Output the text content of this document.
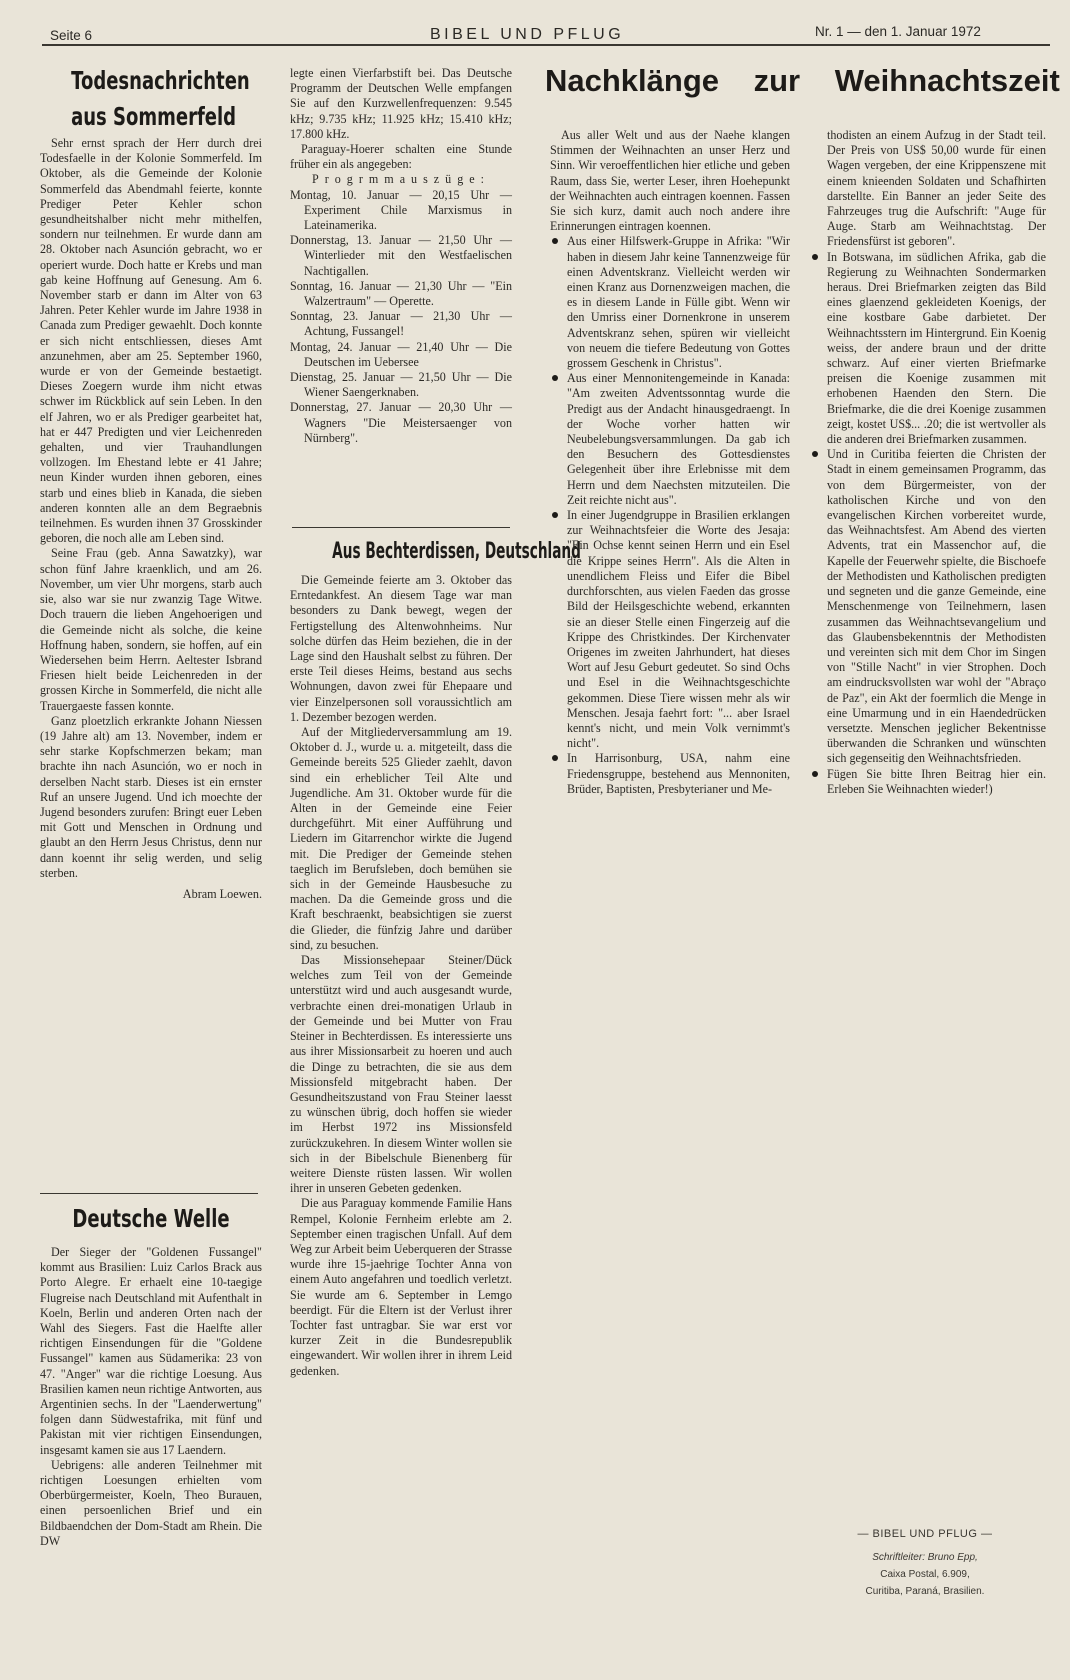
Seite 6	BIBEL UND PFLUG	Nr. 1 — den 1. Januar 1972
Todesnachrichten
aus Sommerfeld

Sehr ernst sprach der Herr durch drei Todesfaelle in der Kolonie Sommerfeld. Im Oktober, als die Gemeinde der Kolonie Sommerfeld das Abendmahl feierte, konnte Prediger Peter Kehler schon gesundheitshalber nicht mehr mithelfen, sondern nur teilnehmen. Er wurde dann am 28. Oktober nach Asunción gebracht, wo er operiert wurde. Doch hatte er Krebs und man gab keine Hoffnung auf Genesung. Am 6. November starb er dann im Alter von 63 Jahren. Peter Kehler wurde im Jahre 1938 in Canada zum Prediger gewaehlt. Doch konnte er sich nicht entschliessen, dieses Amt anzunehmen, aber am 25. September 1960, wurde er von der Gemeinde bestaetigt. Dieses Zoegern wurde ihm nicht etwas schwer im Rückblick auf sein Leben. In den elf Jahren, wo er als Prediger gearbeitet hat, hat er 447 Predigten und vier Leichenreden gehalten, und vier Trauhandlungen vollzogen. Im Ehestand lebte er 41 Jahre; neun Kinder wurden ihnen geboren, eines starb und eines blieb in Kanada, die sieben anderen konnten alle an dem Begraebnis teilnehmen. Es wurden ihnen 37 Grosskinder geboren, die noch alle am Leben sind.

Seine Frau (geb. Anna Sawatzky), war schon fünf Jahre kraenklich, und am 26. November, um vier Uhr morgens, starb auch sie, also war sie nur zwanzig Tage Witwe. Doch trauern die lieben Angehoerigen und die Gemeinde nicht als solche, die keine Hoffnung haben, sondern, sie hoffen, auf ein Wiedersehen beim Herrn. Aeltester Isbrand Friesen hielt beide Leichenreden in der grossen Kirche in Sommerfeld, die nicht alle Trauergaeste fassen konnte.

Ganz ploetzlich erkrankte Johann Niessen (19 Jahre alt) am 13. November, indem er sehr starke Kopfschmerzen bekam; man brachte ihn nach Asunción, wo er noch in derselben Nacht starb. Dieses ist ein ernster Ruf an unsere Jugend. Und ich moechte der Jugend besonders zurufen: Bringt euer Leben mit Gott und Menschen in Ordnung und glaubt an den Herrn Jesus Christus, denn nur dann koennt ihr selig werden, und selig sterben.

Abram Loewen.

Deutsche Welle

Der Sieger der "Goldenen Fussangel" kommt aus Brasilien: Luiz Carlos Brack aus Porto Alegre. Er erhaelt eine 10-taegige Flugreise nach Deutschland mit Aufenthalt in Koeln, Berlin und anderen Orten nach der Wahl des Siegers. Fast die Haelfte aller richtigen Einsendungen für die "Goldene Fussangel" kamen aus Südamerika: 23 von 47. "Anger" war die richtige Loesung. Aus Brasilien kamen neun richtige Antworten, aus Argentinien sechs. In der "Laenderwertung" folgen dann Südwestafrika, mit fünf und Pakistan mit vier richtigen Einsendungen, insgesamt kamen sie aus 17 Laendern.

Uebrigens: alle anderen Teilnehmer mit richtigen Loesungen erhielten vom Oberbürgermeister, Koeln, Theo Burauen, einen persoenlichen Brief und ein Bildbaendchen der Dom-Stadt am Rhein. Die DW

legte einen Vierfarbstift bei. Das Deutsche Programm der Deutschen Welle empfangen Sie auf den Kurzwellenfrequenzen: 9.545 kHz; 9.735 kHz; 11.925 kHz; 15.410 kHz; 17.800 kHz.

Paraguay-Hoerer schalten eine Stunde früher ein als angegeben:

Progrmmauszüge:

Montag, 10. Januar — 20,15 Uhr — Experiment Chile Marxismus in Lateinamerika.
Donnerstag, 13. Januar — 21,50 Uhr — Winterlieder mit den Westfaelischen Nachtigallen.
Sonntag, 16. Januar — 21,30 Uhr — "Ein Walzertraum" — Operette.
Sonntag, 23. Januar — 21,30 Uhr — Achtung, Fussangel!
Montag, 24. Januar — 21,40 Uhr — Die Deutschen im Uebersee
Dienstag, 25. Januar — 21,50 Uhr — Die Wiener Saengerknaben.
Donnerstag, 27. Januar — 20,30 Uhr — Wagners "Die Meistersaenger von Nürnberg".
Aus Bechterdissen, Deutschland

Die Gemeinde feierte am 3. Oktober das Erntedankfest. An diesem Tage war man besonders zu Dank bewegt, wegen der Fertigstellung des Altenwohnheims. Nur solche dürfen das Heim beziehen, die in der Lage sind den Haushalt selbst zu führen. Der erste Teil dieses Heims, bestand aus sechs Wohnungen, davon zwei für Ehepaare und vier Einzelpersonen soll voraussichtlich am 1. Dezember bezogen werden.

Auf der Mitgliederversammlung am 19. Oktober d. J., wurde u. a. mitgeteilt, dass die Gemeinde bereits 525 Glieder zaehlt, davon sind ein erheblicher Teil Alte und Jugendliche. Am 31. Oktober wurde für die Alten in der Gemeinde eine Feier durchgeführt. Mit einer Aufführung und Liedern im Gitarrenchor wirkte die Jugend mit. Die Prediger der Gemeinde stehen taeglich im Berufsleben, doch bemühen sie sich in der Gemeinde Hausbesuche zu machen. Da die Gemeinde gross und die Kraft beschraenkt, beabsichtigen sie zuerst die Glieder, die fünfzig Jahre und darüber sind, zu besuchen.

Das Missionsehepaar Steiner/Dück welches zum Teil von der Gemeinde unterstützt wird und auch ausgesandt wurde, verbrachte einen drei-monatigen Urlaub in der Gemeinde und bei Mutter von Frau Steiner in Bechterdissen. Es interessierte uns aus ihrer Missionsarbeit zu hoeren und auch die Dinge zu betrachten, die sie aus dem Missionsfeld mitgebracht haben. Der Gesundheitszustand von Frau Steiner laesst zu wünschen übrig, doch hoffen sie wieder im Herbst 1972 ins Missionsfeld zurückzukehren. In diesem Winter wollen sie sich in der Bibelschule Bienenberg für weitere Dienste rüsten lassen. Wir wollen ihrer in unseren Gebeten gedenken.

Die aus Paraguay kommende Familie Hans Rempel, Kolonie Fernheim erlebte am 2. September einen tragischen Unfall. Auf dem Weg zur Arbeit beim Ueberqueren der Strasse wurde ihre 15-jaehrige Tochter Anna von einem Auto angefahren und toedlich verletzt. Sie wurde am 6. September in Lemgo beerdigt. Für die Eltern ist der Verlust ihrer Tochter fast untragbar. Sie war erst vor kurzer Zeit in die Bundesrepublik eingewandert. Wir wollen ihrer in ihrem Leid gedenken.

Nachklänge zur Weihnachtszeit

Aus aller Welt und aus der Naehe klangen Stimmen der Weihnachten an unser Herz und Sinn. Wir veroeffentlichen hier etliche und geben Raum, dass Sie, werter Leser, ihren Hoehepunkt der Weihnachten auch eintragen koennen. Fassen Sie sich kurz, damit auch noch andere ihre Erinnerungen eintragen koennen.

Aus einer Hilfswerk-Gruppe in Afrika: "Wir haben in diesem Jahr keine Tannenzweige für einen Adventskranz. Vielleicht werden wir einen Kranz aus Dornenzweigen machen, die es in diesem Lande in Fülle gibt. Wenn wir den Umriss einer Dornenkrone in unserem Adventskranz sehen, spüren wir vielleicht von neuem die tiefere Bedeutung von Gottes grossem Geschenk in Christus".
Aus einer Mennonitengemeinde in Kanada: "Am zweiten Adventssonntag wurde die Predigt aus der Andacht hinausgedraengt. In der Woche vorher hatten wir Neubelebungsversammlungen. Da gab ich den Besuchern des Gottesdienstes Gelegenheit über ihre Erlebnisse mit dem Herrn und dem Naechsten mitzuteilen. Die Zeit reichte nicht aus".
In einer Jugendgruppe in Brasilien erklangen zur Weihnachtsfeier die Worte des Jesaja: "Ein Ochse kennt seinen Herrn und ein Esel die Krippe seines Herrn". Als die Alten in unendlichem Fleiss und Eifer die Bibel durchforschten, aus vielen Faeden das grosse Bild der Heilsgeschichte webend, erkannten sie an dieser Stelle einen Fingerzeig auf die Krippe des Christkindes. Der Kirchenvater Origenes im zweiten Jahrhundert, hat dieses Wort auf Jesu Geburt gedeutet. So sind Ochs und Esel in die Weihnachtsgeschichte gekommen. Diese Tiere wissen mehr als wir Menschen. Jesaja faehrt fort: "... aber Israel kennt's nicht, und mein Volk vernimmt's nicht".
In Harrisonburg, USA, nahm eine Friedensgruppe, bestehend aus Mennoniten, Brüder, Baptisten, Presbyterianer und Me-
thodisten an einem Aufzug in der Stadt teil. Der Preis von US$ 50,00 wurde für einen Wagen vergeben, der eine Krippenszene mit einem knieenden Soldaten und Schafhirten darstellte. Ein Banner an jeder Seite des Fahrzeuges trug die Aufschrift: "Auge für Auge. Starb am Weihnachtstag. Der Friedensfürst ist geboren".
In Botswana, im südlichen Afrika, gab die Regierung zu Weihnachten Sondermarken heraus. Drei Briefmarken zeigten das Bild eines glaenzend gekleideten Koenigs, der eine kostbare Gabe darbietet. Der Weihnachtsstern im Hintergrund. Ein Koenig weiss, der andere braun und der dritte schwarz. Auf einer vierten Briefmarke preisen die Koenige zusammen mit erhobenen Haenden den Stern. Die Briefmarke, die die drei Koenige zusammen zeigt, kostet US$... .20; die ist wertvoller als die anderen drei Briefmarken zusammen.
Und in Curitiba feierten die Christen der Stadt in einem gemeinsamen Programm, das von dem Bürgermeister, von der katholischen Kirche und von den evangelischen Kirchen vorbereitet wurde, das Weihnachtsfest. Am Abend des vierten Advents, trat ein Massenchor auf, die Kapelle der Feuerwehr spielte, die Bischoefe der Methodisten und Katholischen predigten und segneten und die ganze Gemeinde, eine Menschenmenge von Teilnehmern, lasen zusammen das Weihnachtsevangelium und das Glaubensbekenntnis der Methodisten und vereinten sich mit dem Chor im Singen von "Stille Nacht" in vier Strophen. Doch am eindrucksvollsten war wohl der "Abraço de Paz", ein Akt der foermlich die Menge in eine Umarmung und in ein Haendedrücken versetzte. Menschen jeglicher Bekentnisse überwanden die Schranken und wünschten sich gegenseitig den Weihnachtsfrieden.
Fügen Sie bitte Ihren Beitrag hier ein. Erleben Sie Weihnachten wieder!)
— BIBEL UND PFLUG —
Schriftleiter: Bruno Epp,
Caixa Postal, 6.909,
Curitiba, Paraná, Brasilien.
